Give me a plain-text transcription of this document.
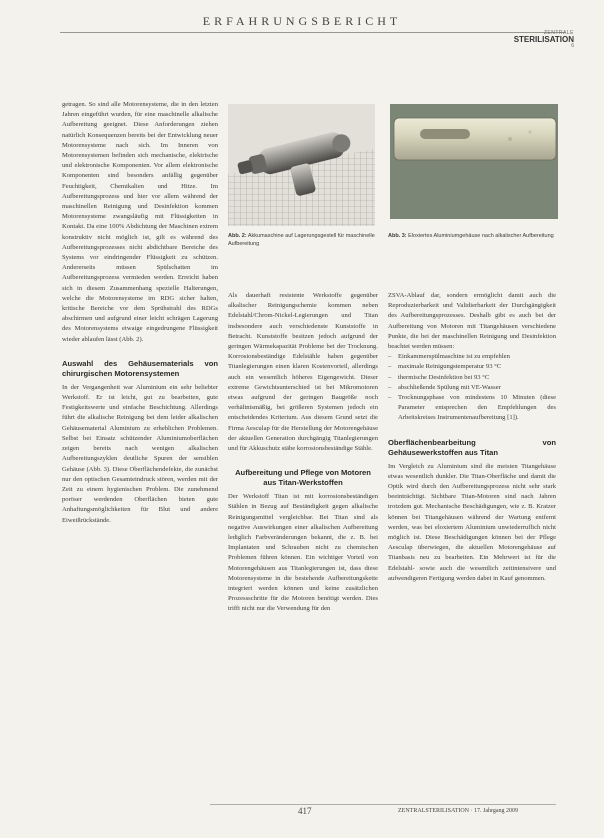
ERFAHRUNGSBERICHT
ZENTRALE
STERILISATION
6

getragen. So sind alle Motorensysteme, die in den letzten Jahren eingeführt wurden, für eine maschinelle alkalische Aufbereitung geeignet. Diese Anforderungen ziehen natürlich Konsequenzen bereits bei der Entwicklung neuer Motorensysteme nach sich. Im Inneren von Motorensystemen befinden sich mechanische, elektrische und elektronische Komponenten. Vor allem elektronische Komponenten sind besonders anfällig gegenüber Feuchtigkeit, Chemikalien und Hitze. Im Aufbereitungsprozess und hier vor allem während der maschinellen Reinigung und Desinfektion kommen Motorensysteme zwangsläufig mit Flüssigkeiten in Kontakt. Da eine 100% Abdichtung der Maschinen extrem konstruktiv nicht möglich ist, gilt es während des Aufbereitungsprozesses nicht abdichtbare Bereiche des Systems vor eindringender Flüssigkeit zu schützen. Andererseits müssen Spülschatten im Aufbereitungsprozess vermieden werden. Erreicht haben sich in diesem Zusammenhang spezielle Halterungen, welche die Motorensysteme im RDG sicher halten, kritische Bereiche vor dem Sprühstrahl des RDGs abschirmen und aufgrund einer leicht schrägen Lagerung des Motorensystems etwaige eingedrungene Flüssigkeit wieder ablaufen lässt (Abb. 2).

Auswahl des Gehäusematerials von chirurgischen Motorensystemen

In der Vergangenheit war Aluminium ein sehr beliebter Werkstoff. Er ist leicht, gut zu bearbeiten, gute Festigkeitswerte und einfache Beschichtung. Allerdings führt die alkalische Reinigung bei dem leider alkalischen Gehäusematerial Aluminium zu erheblichen Problemen. Selbst bei Einsatz schützender Aluminiumoberflächen zeigen bereits nach wenigen alkalischen Aufbereitungszyklen deutliche Spuren der sensiblen Gehäuse (Abb. 3). Diese Oberflächendefekte, die zunächst nur den optischen Gesamteindruck stören, werden mit der Zeit zu einem hygienischen Problem. Die zunehmend poröser werdenden Oberflächen bieten gute Anhaftungsmöglichkeiten für Blut und andere Eiweißrückstände.

Abb. 2: Akkumaschine auf Lagerungsgestell für maschinelle Aufbereitung
Abb. 3: Eloxiertes Aluminiumgehäuse nach alkalischer Aufbereitung

Als dauerhaft resistente Werkstoffe gegenüber alkalischer Reinigungschemie kommen neben Edelstahl/Chrom-Nickel-Legierungen und Titan insbesondere auch verschiedenste Kunststoffe in Betracht. Kunststoffe besitzen jedoch aufgrund der geringen Wärmekapazität Probleme bei der Trocknung. Korrosionsbeständige Edelstähle haben gegenüber Titanlegierungen einen klaren Kostenvorteil, allerdings auch ein wesentlich höheres Eigengewicht. Dieser extreme Gewichtsunterschied ist bei Mikromotoren etwas aufgrund der geringen Baugröße noch verhältnismäßig, bei größeren Systemen jedoch ein entscheidendes Kriterium. Aus diesem Grund setzt die Firma Aesculap für die Herstellung der Motorengehäuse der aktuellen Generation durchgängig Titanlegierungen und für Akkuschutz stäbe korrosionsbeständige Stähle.

Aufbereitung und Pflege von Motoren aus Titan-Werkstoffen

Der Werkstoff Titan ist mit korrosionsbeständigen Stählen in Bezug auf Beständigkeit gegen alkalische Reinigungsmittel vergleichbar. Bei Titan sind als negative Auswirkungen einer alkalischen Aufbereitung lediglich Farbveränderungen bekannt, die z. B. bei Implantaten und Schrauben nicht zu chemischen Problemen führen können. Ein wichtiger Vorteil von Motorengehäusen aus Titanlegierungen ist, dass diese Motorensysteme in die bestehende Aufbereitungskette integriert werden können und keine zusätzlichen Prozessschritte für die Motoren benötigt werden. Dies trifft nicht nur die Verwendung für den

ZSVA-Ablauf dar, sondern ermöglicht damit auch die Reproduzierbarkeit und Validierbarkeit der Durchgängigkeit des Aufbereitungsprozesses. Deshalb gibt es auch bei der Aufbereitung von Motoren mit Titangehäusen verschiedene Punkte, die bei der maschinellen Reinigung und Desinfektion beachtet werden müssen:

– Einkammerspülmaschine ist zu empfehlen
– maximale Reinigungstemperatur 93 °C
– thermische Desinfektion bei 93 °C
– abschließende Spülung mit VE-Wasser
– Trocknungsphase von mindestens 10 Minuten (diese Parameter entsprechen den Empfehlungen des Arbeitskreises Instrumentenaufbereitung [1]).
Oberflächenbearbeitung von Gehäusewerkstoffen aus Titan

Im Vergleich zu Aluminium sind die meisten Titangehäuse etwas wesentlich dunkler. Die Titan-Oberfläche und damit die Optik wird durch den Aufbereitungsprozess nicht sehr stark beeinträchtigt. Sichtbare Titan-Motoren sind nach Jahren trotzdem gut. Mechanische Beschädigungen, wie z. B. Kratzer können bei Titangehäusen während der Wartung entfernt werden, was bei eloxiertem Aluminium unwiederruflich nicht möglich ist. Diese Beschädigungen können bei der Pflege Aesculap überwiegen, die aktuellen Motorengehäuse auf Titanbasis neu zu bearbeiten. Ein Mehrwert ist für die Edelstahl- sowie auch die wesentlich zeitintensivere und aufwendigeren Fertigung werden dabei in Kauf genommen.

417	ZENTRALSTERILISATION · 17. Jahrgang 2009
